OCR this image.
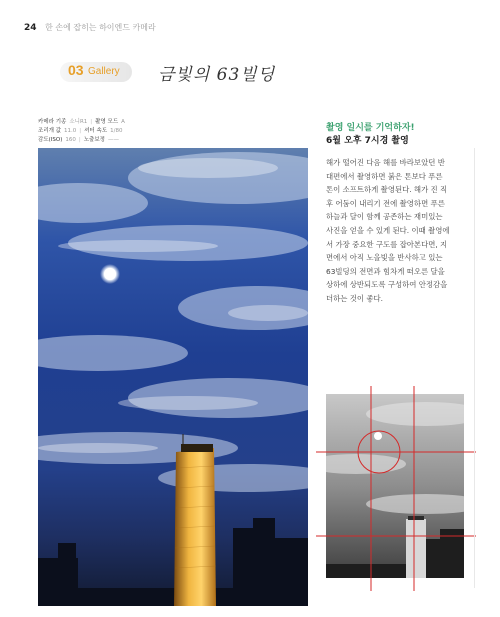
24 한 손에 잡히는 하이엔드 카메라
03 Gallery 금빛의 63빌딩
카메라 기종 소니R1 | 촬영 모드 A
조리개 값 11.0 | 셔터 속도 1/80
감도(ISO) 160 | 노출보정 ——
촬영 일시를 기억하자!
6월 오후 7시경 촬영
해가 떨어진 다음 해를 바라보았던 반
대편에서 촬영하면 붉은 톤보다 푸른
톤이 소프트하게 촬영된다. 해가 진 직
후 어둠이 내리기 전에 촬영하면 푸른
하늘과 달이 함께 공존하는 재미있는
사진을 얻을 수 있게 된다. 이때 촬영에
서 가장 중요한 구도를 잡아본다면, 지
면에서 아직 노을빛을 반사하고 있는
63빌딩의 전면과 힘차게 떠오른 달을
상하에 상반되도록 구성하여 안정감을
더하는 것이 좋다.
